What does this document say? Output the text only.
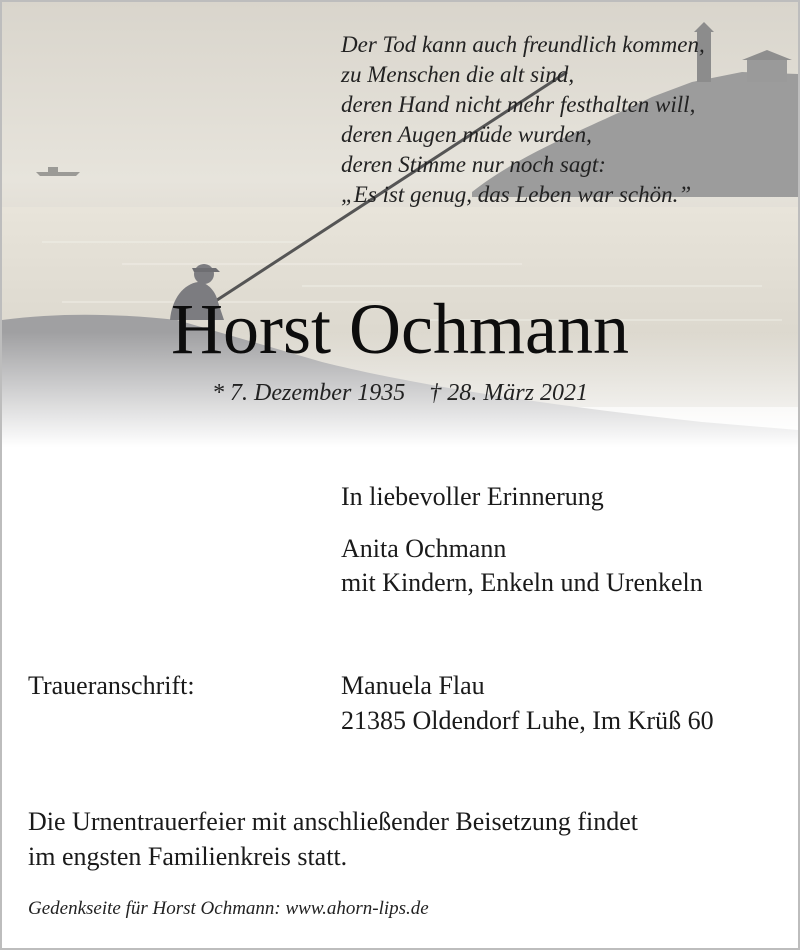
Der Tod kann auch freundlich kommen,
zu Menschen die alt sind,
deren Hand nicht mehr festhalten will,
deren Augen müde wurden,
deren Stimme nur noch sagt:
„Es ist genug, das Leben war schön.”
Horst Ochmann
* 7. Dezember 1935    † 28. März 2021
In liebevoller Erinnerung
Anita Ochmann
mit Kindern, Enkeln und Urenkeln
Traueranschrift:	Manuela Flau
21385 Oldendorf Luhe, Im Krüß 60
Die Urnentrauerfeier mit anschließender Beisetzung findet
im engsten Familienkreis statt.
Gedenkseite für Horst Ochmann: www.ahorn-lips.de
